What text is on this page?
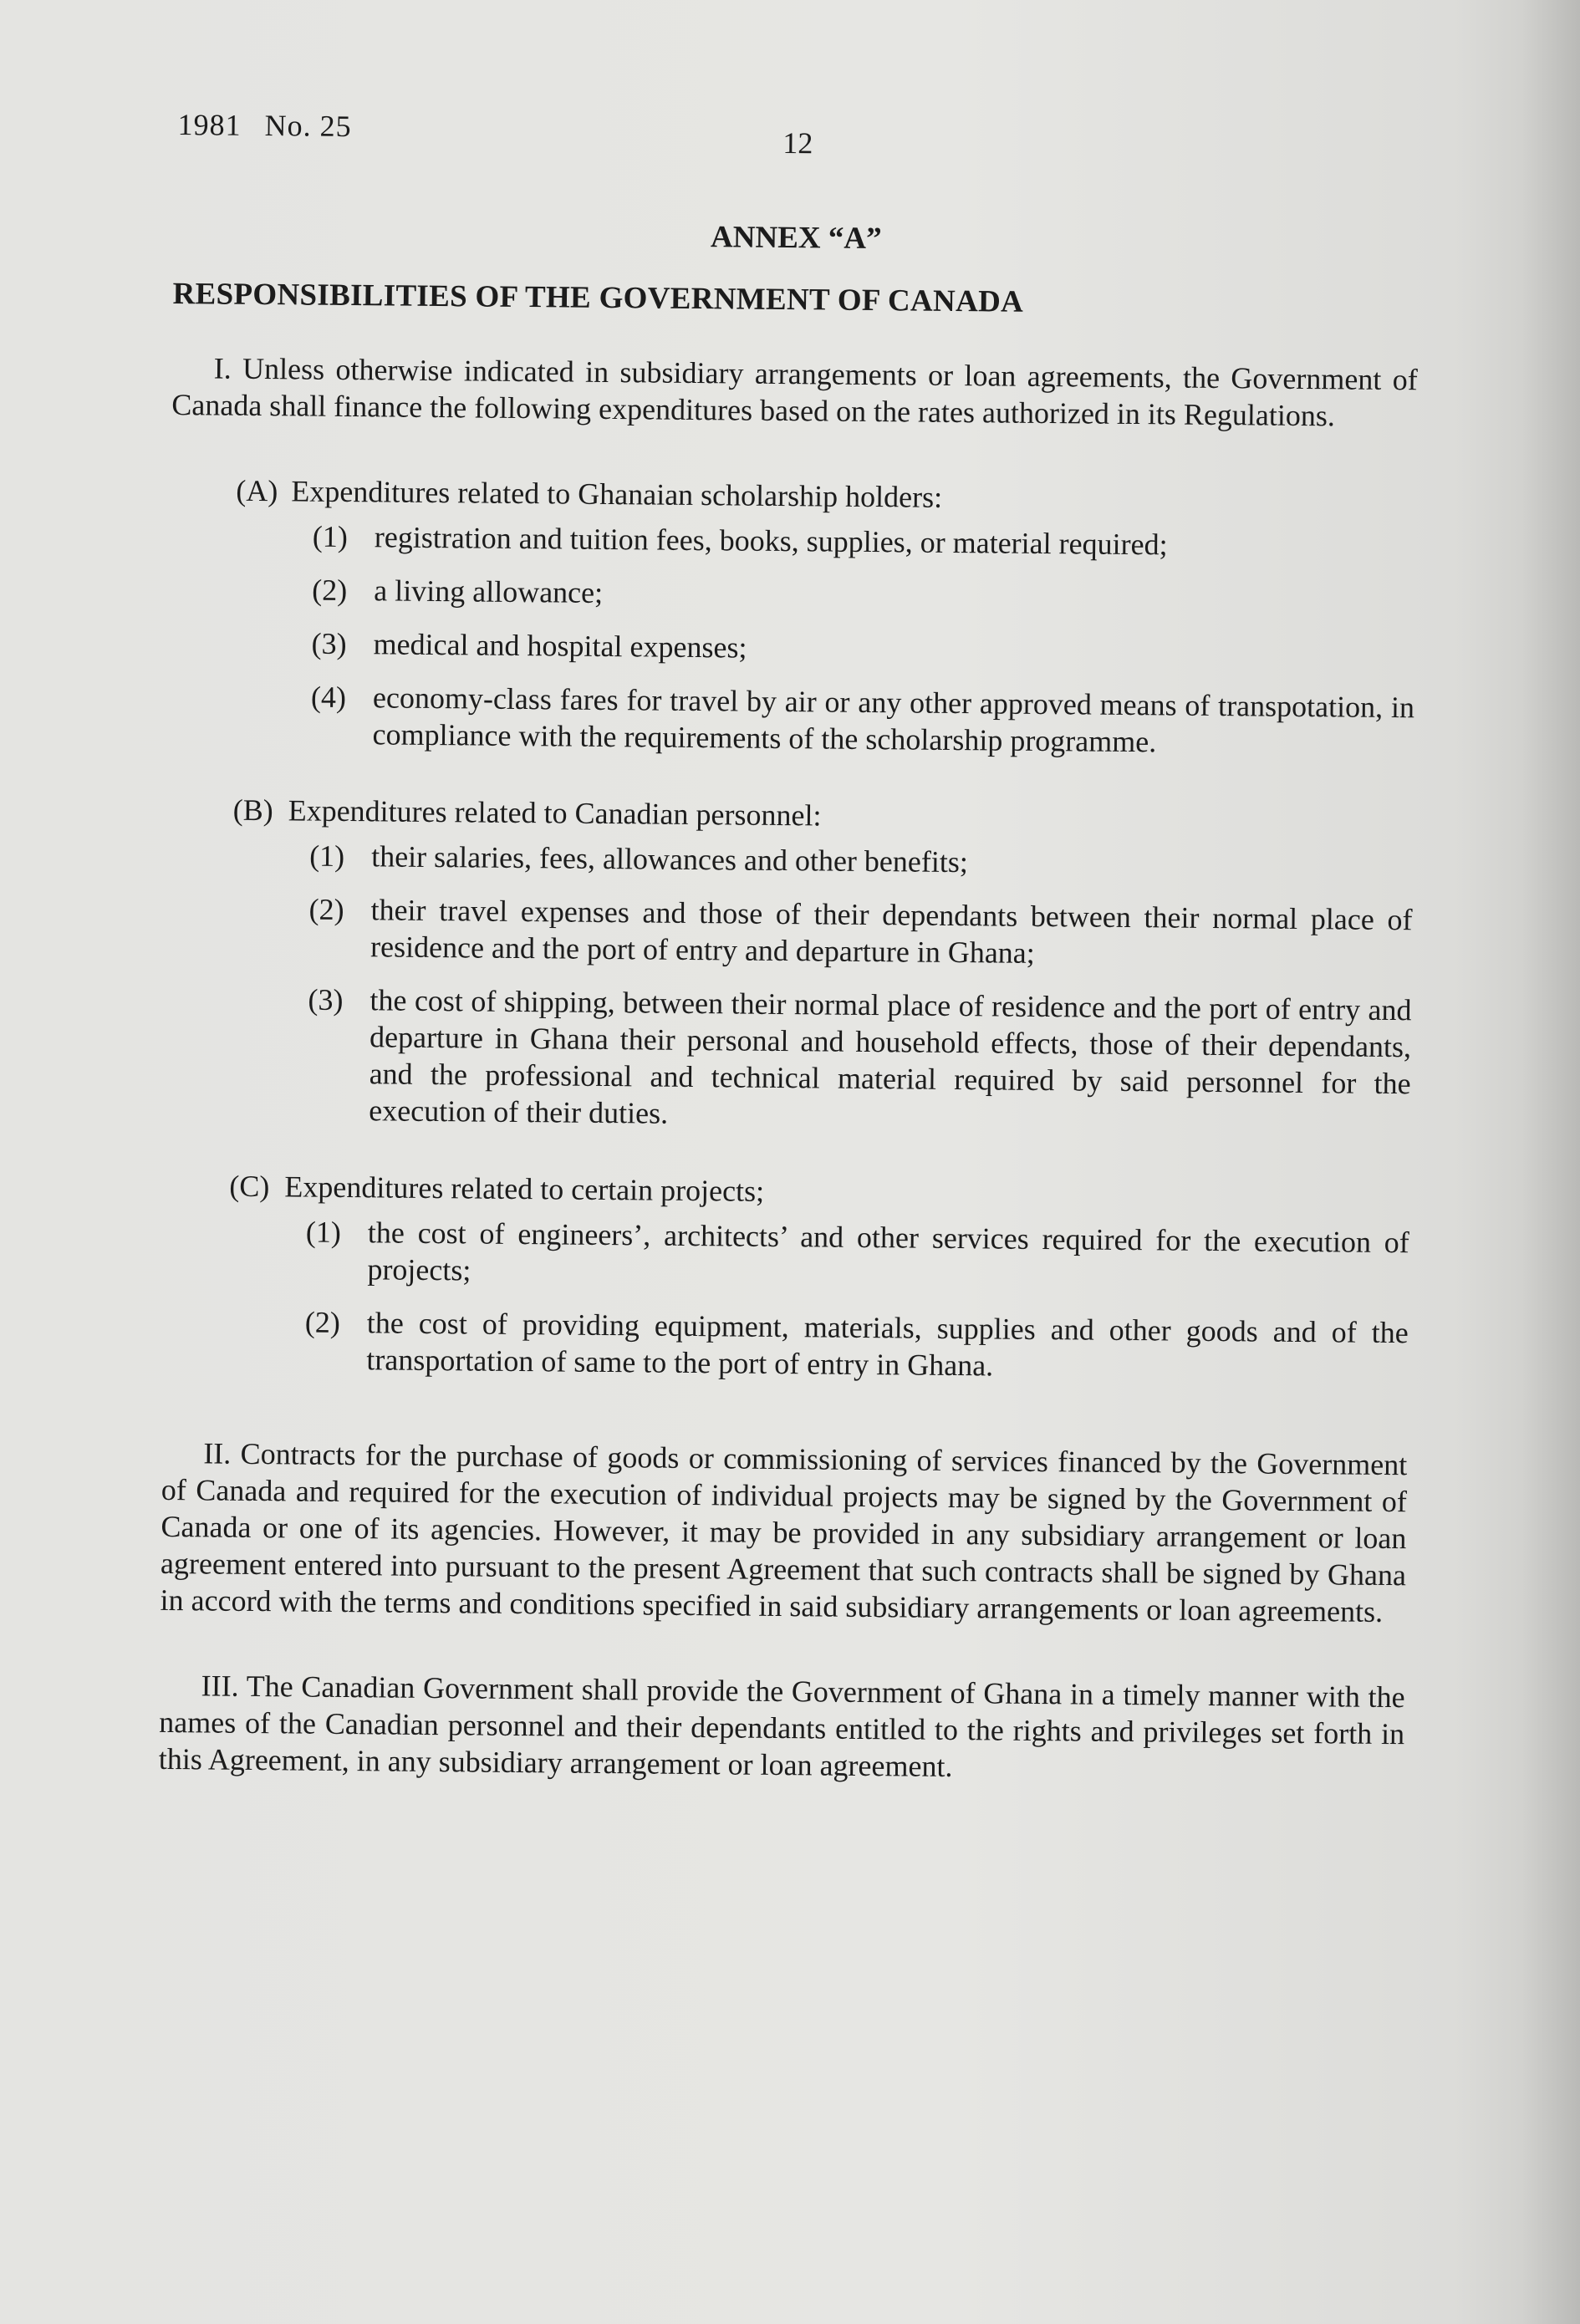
1981 No. 25
12
ANNEX “A”
RESPONSIBILITIES OF THE GOVERNMENT OF CANADA

I. Unless otherwise indicated in subsidiary arrangements or loan agreements, the Government of Canada shall finance the following expenditures based on the rates authorized in its Regulations.

(A) Expenditures related to Ghanaian scholarship holders:
(1) registration and tuition fees, books, supplies, or material required;
(2) a living allowance;
(3) medical and hospital expenses;
(4) economy-class fares for travel by air or any other approved means of transpotation, in compliance with the requirements of the scholarship programme.
(B) Expenditures related to Canadian personnel:
(1) their salaries, fees, allowances and other benefits;
(2) their travel expenses and those of their dependants between their normal place of residence and the port of entry and departure in Ghana;
(3) the cost of shipping, between their normal place of residence and the port of entry and departure in Ghana their personal and household effects, those of their dependants, and the professional and technical material required by said personnel for the execution of their duties.
(C) Expenditures related to certain projects;
(1) the cost of engineers’, architects’ and other services required for the execution of projects;
(2) the cost of providing equipment, materials, supplies and other goods and of the transportation of same to the port of entry in Ghana.

II. Contracts for the purchase of goods or commissioning of services financed by the Government of Canada and required for the execution of individual projects may be signed by the Government of Canada or one of its agencies. However, it may be provided in any subsidiary arrangement or loan agreement entered into pursuant to the present Agreement that such contracts shall be signed by Ghana in accord with the terms and conditions specified in said subsidiary arrangements or loan agreements.

III. The Canadian Government shall provide the Government of Ghana in a timely manner with the names of the Canadian personnel and their dependants entitled to the rights and privileges set forth in this Agreement, in any subsidiary arrangement or loan agreement.
